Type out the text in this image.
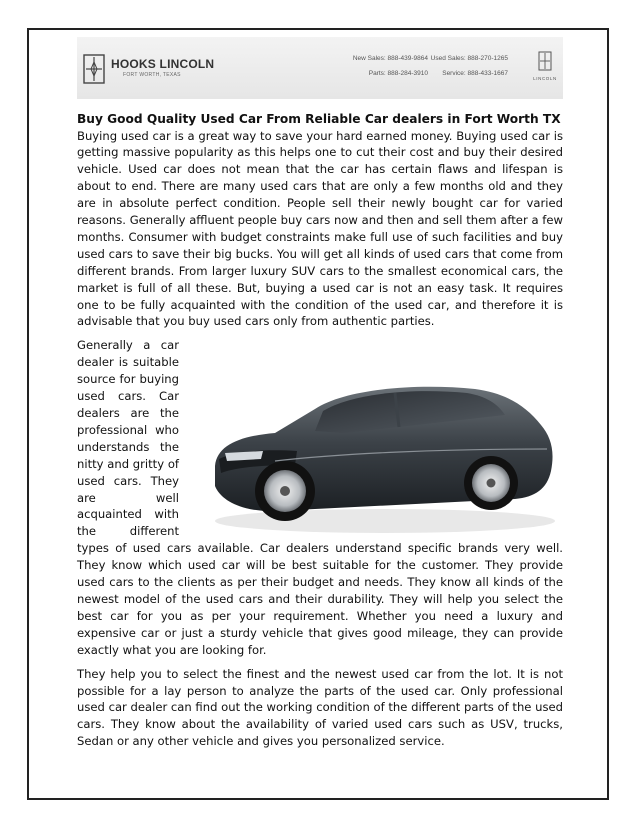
HOOKS LINCOLN
FORT WORTH, TEXAS
New Sales: 888-439-9864 Used Sales: 888-270-1265
Parts: 888-284-3910	Service: 888-433-1667
LINCOLN
Buy Good Quality Used Car From Reliable Car dealers in Fort Worth TX

Buying used car is a great way to save your hard earned money. Buying used car is getting massive popularity as this helps one to cut their cost and buy their desired vehicle. Used car does not mean that the car has certain flaws and lifespan is about to end. There are many used cars that are only a few months old and they are in absolute perfect condition. People sell their newly bought car for varied reasons. Generally affluent people buy cars now and then and sell them after a few months. Consumer with budget constraints make full use of such facilities and buy used cars to save their big bucks. You will get all kinds of used cars that come from different brands. From larger luxury SUV cars to the smallest economical cars, the market is full of all these. But, buying a used car is not an easy task. It requires one to be fully acquainted with the condition of the used car, and therefore it is advisable that you buy used cars only from authentic parties.

Generally a car dealer is suitable source for buying used cars. Car dealers are the professional who understands the nitty and gritty of used cars. They are well acquainted with the different types of used cars available. Car dealers understand specific brands very well. They know which used car will be best suitable for the customer. They provide used cars to the clients as per their budget and needs. They know all kinds of the newest model of the used cars and their durability. They will help you select the best car for you as per your requirement. Whether you need a luxury and expensive car or just a sturdy vehicle that gives good mileage, they can provide exactly what you are looking for.

They help you to select the finest and the newest used car from the lot. It is not possible for a lay person to analyze the parts of the used car. Only professional used car dealer can find out the working condition of the different parts of the used cars. They know about the availability of varied used cars such as USV, trucks, Sedan or any other vehicle and gives you personalized service.
